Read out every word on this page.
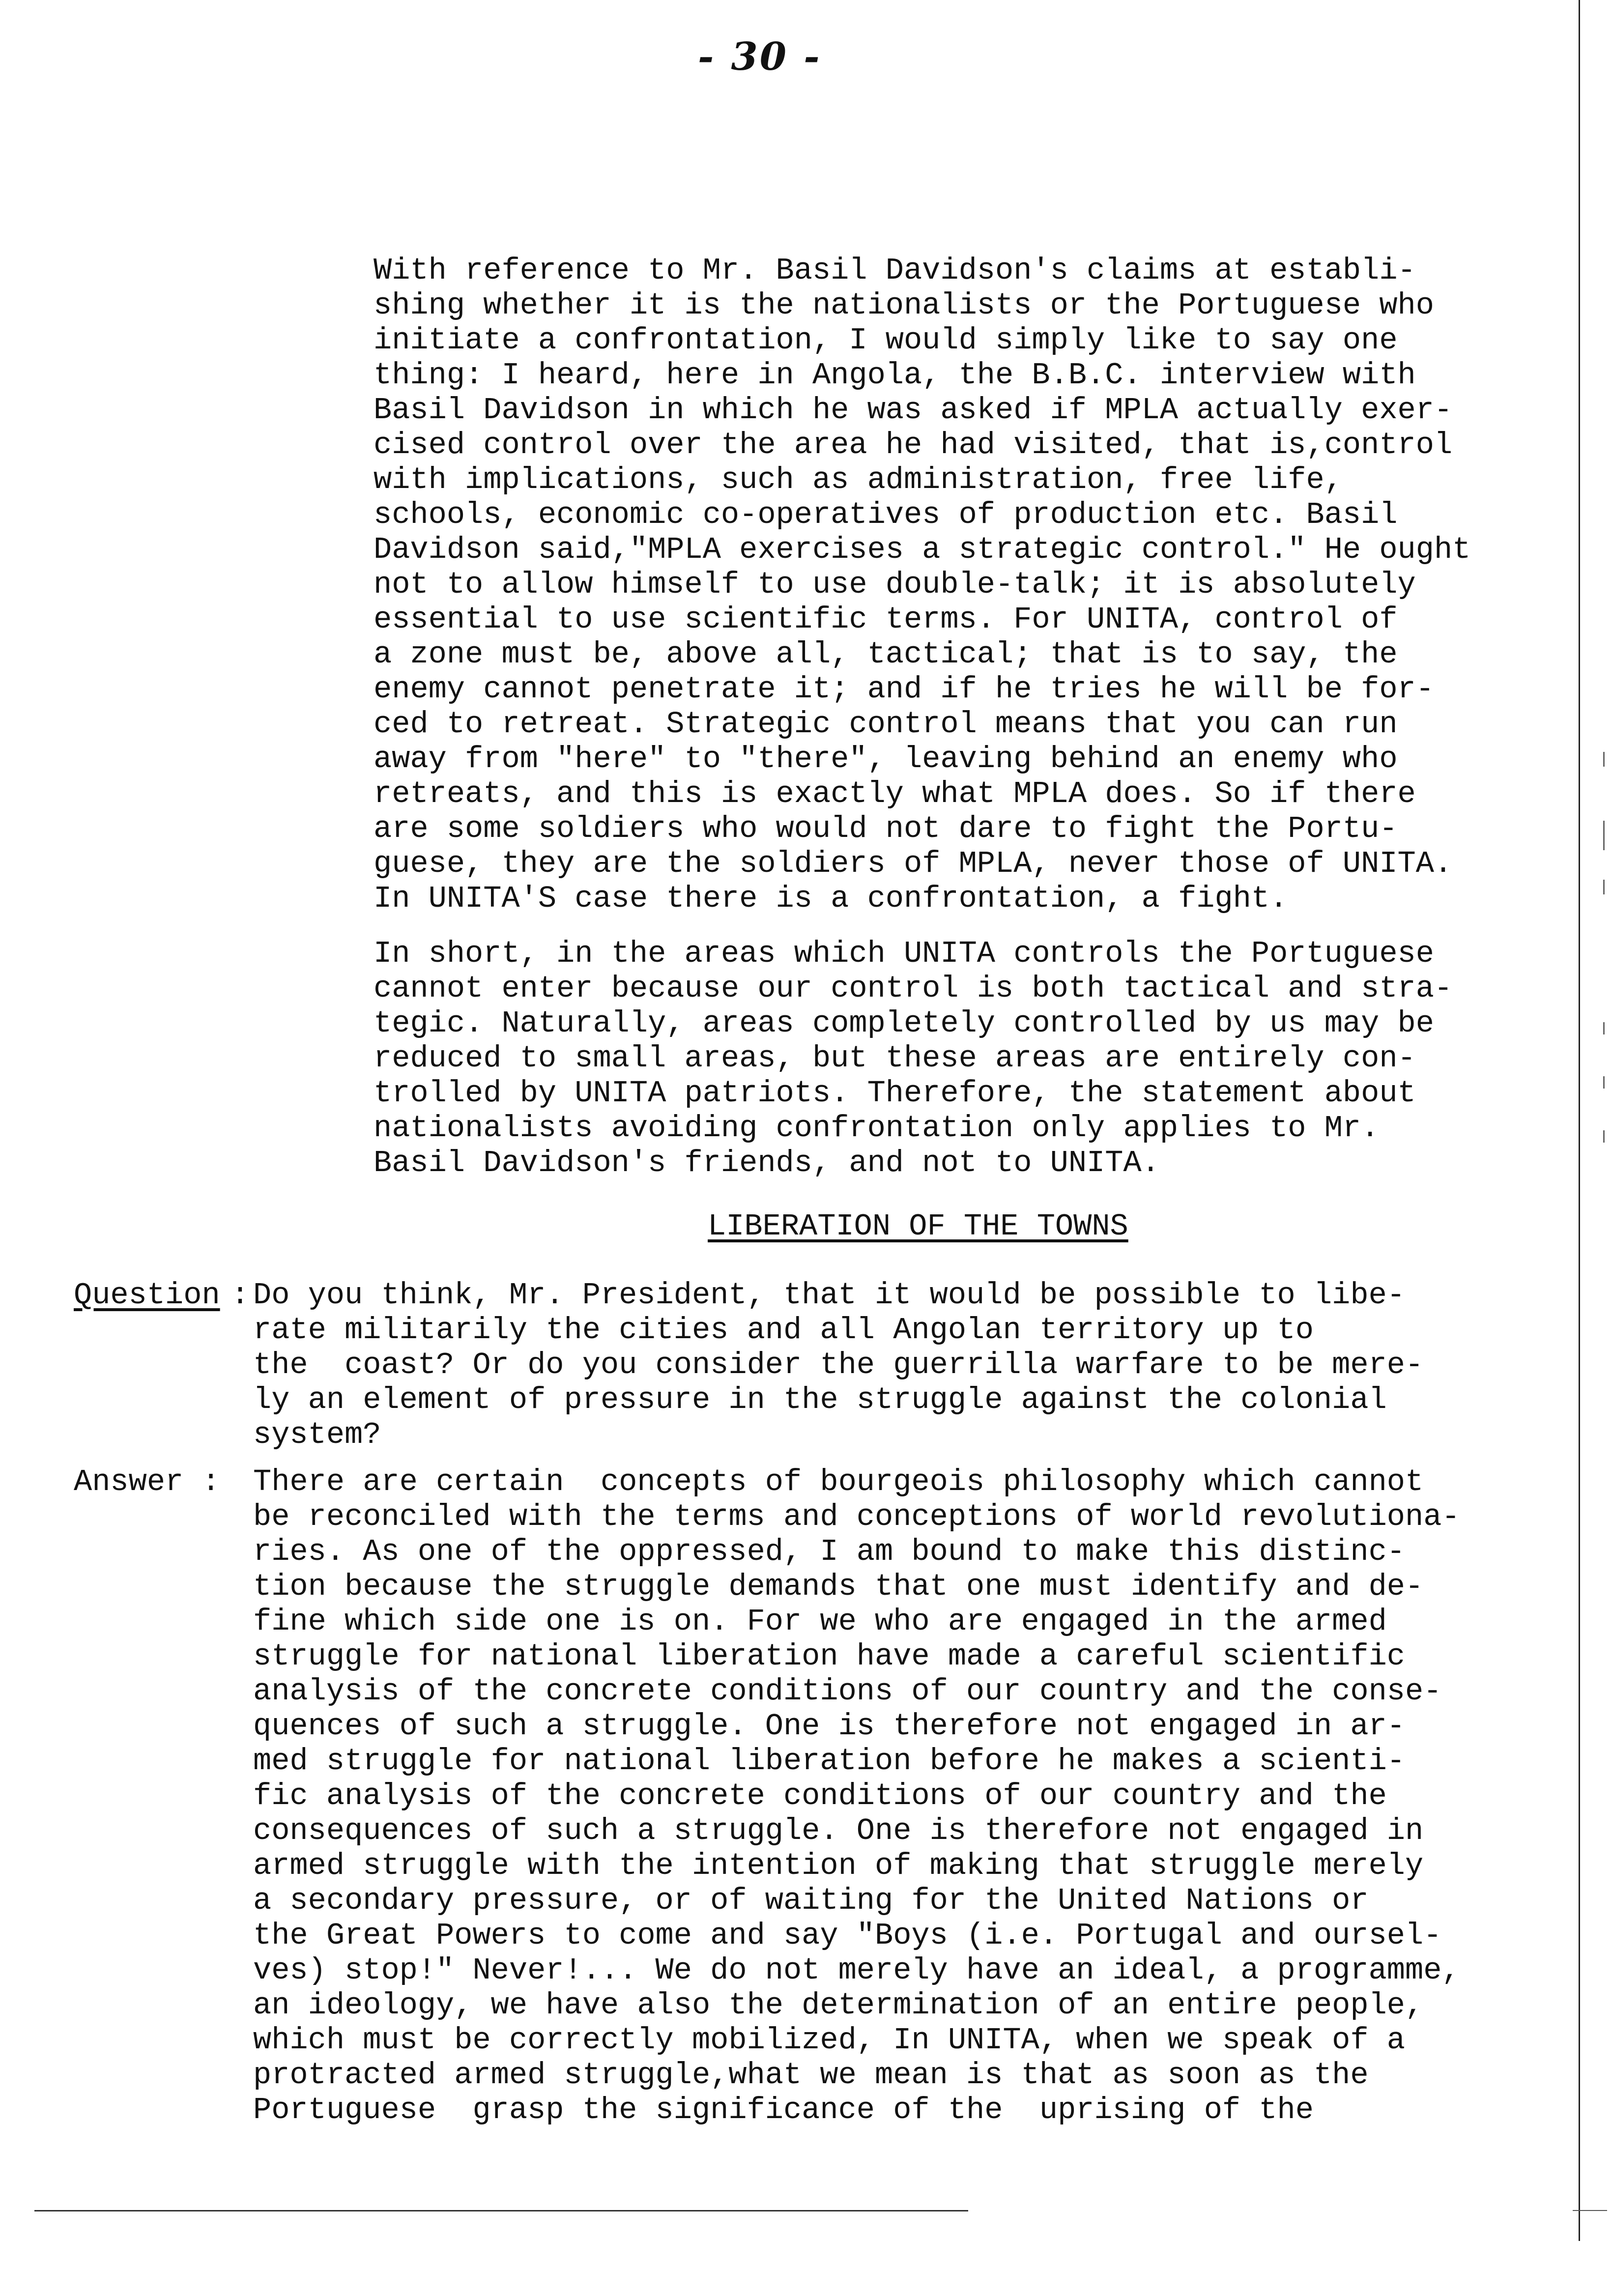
- 30 -

With reference to Mr. Basil Davidson's claims at establi-
shing whether it is the nationalists or the Portuguese who
initiate a confrontation, I would simply like to say one
thing: I heard, here in Angola, the B.B.C. interview with
Basil Davidson in which he was asked if MPLA actually exer-
cised control over the area he had visited, that is,control
with implications, such as administration, free life,
schools, economic co-operatives of production etc. Basil
Davidson said,"MPLA exercises a strategic control." He ought
not to allow himself to use double-talk; it is absolutely
essential to use scientific terms. For UNITA, control of
a zone must be, above all, tactical; that is to say, the
enemy cannot penetrate it; and if he tries he will be for-
ced to retreat. Strategic control means that you can run
away from "here" to "there", leaving behind an enemy who
retreats, and this is exactly what MPLA does. So if there
are some soldiers who would not dare to fight the Portu-
guese, they are the soldiers of MPLA, never those of UNITA.
In UNITA'S case there is a confrontation, a fight.

In short, in the areas which UNITA controls the Portuguese
cannot enter because our control is both tactical and stra-
tegic. Naturally, areas completely controlled by us may be
reduced to small areas, but these areas are entirely con-
trolled by UNITA patriots. Therefore, the statement about
nationalists avoiding confrontation only applies to Mr.
Basil Davidson's friends, and not to UNITA.

LIBERATION OF THE TOWNS
Question : Do you think, Mr. President, that it would be possible to libe-
rate militarily the cities and all Angolan territory up to
the  coast? Or do you consider the guerrilla warfare to be mere-
ly an element of pressure in the struggle against the colonial
system?

Answer : There are certain  concepts of bourgeois philosophy which cannot
be reconciled with the terms and conceptions of world revolutiona-
ries. As one of the oppressed, I am bound to make this distinc-
tion because the struggle demands that one must identify and de-
fine which side one is on. For we who are engaged in the armed
struggle for national liberation have made a careful scientific
analysis of the concrete conditions of our country and the conse-
quences of such a struggle. One is therefore not engaged in ar-
med struggle for national liberation before he makes a scienti-
fic analysis of the concrete conditions of our country and the
consequences of such a struggle. One is therefore not engaged in
armed struggle with the intention of making that struggle merely
a secondary pressure, or of waiting for the United Nations or
the Great Powers to come and say "Boys (i.e. Portugal and oursel-
ves) stop!" Never!... We do not merely have an ideal, a programme,
an ideology, we have also the determination of an entire people,
which must be correctly mobilized, In UNITA, when we speak of a
protracted armed struggle,what we mean is that as soon as the
Portuguese  grasp the significance of the  uprising of the
